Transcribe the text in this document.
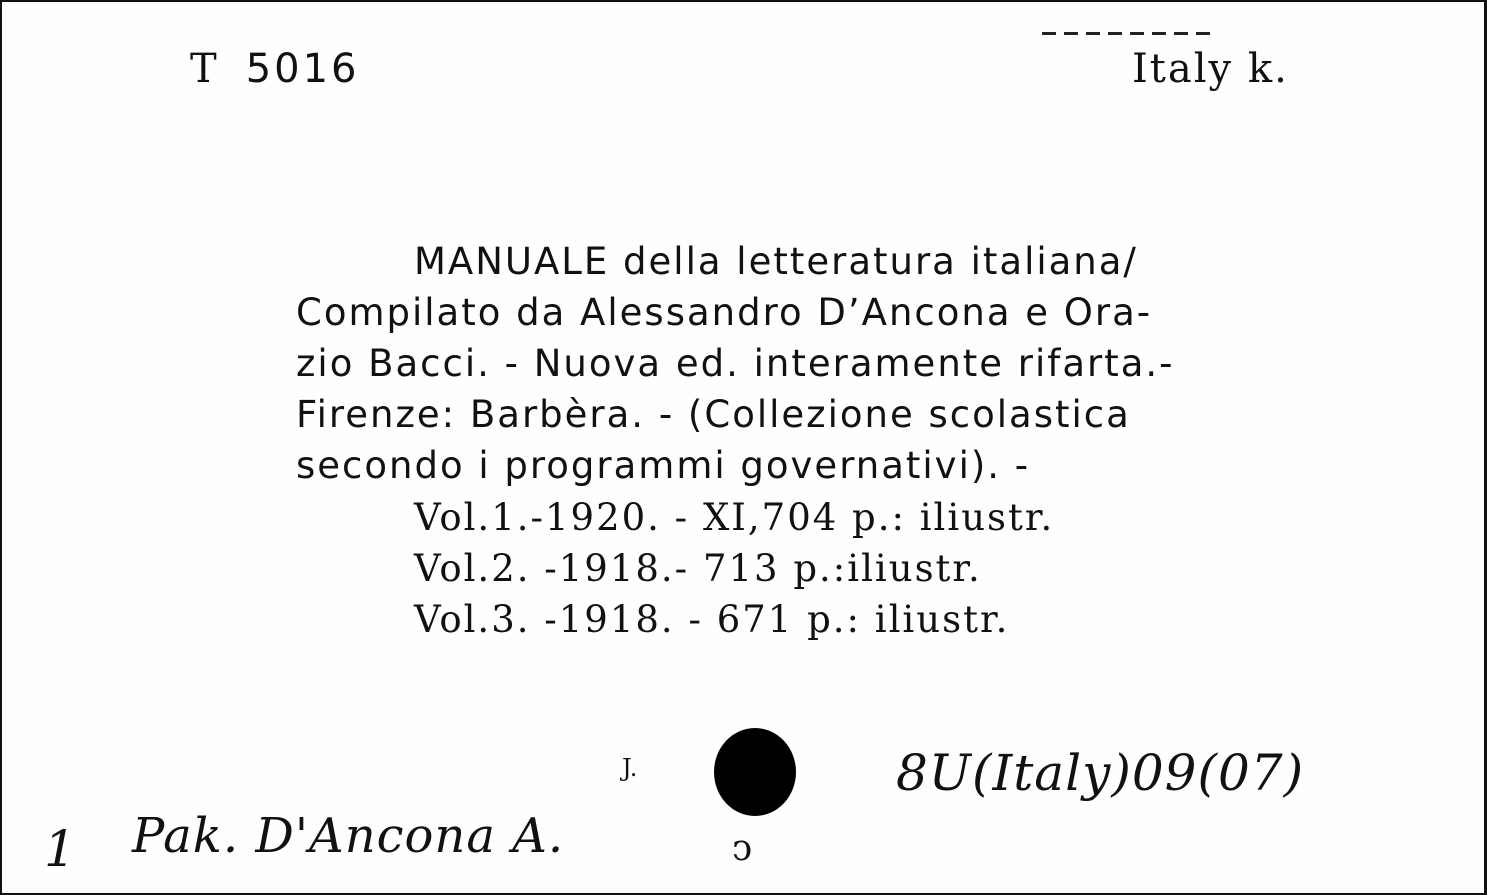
T 5016	Italy k.
MANUALE della letteratura italiana/
Compilato da Alessandro D’Ancona e Ora-
zio Bacci. - Nuova ed. interamente rifarta.-
Firenze: Barbèra. - (Collezione scolastica
secondo i programmi governativi). -
Vol.1.-1920. - XI,704 p.: iliustr.
Vol.2. -1918.- 713 p.:iliustr.
Vol.3. -1918. - 671 p.: iliustr.
J.
ↄ
8U(Italy)09(07)
1 Pak. D'Ancona A.
